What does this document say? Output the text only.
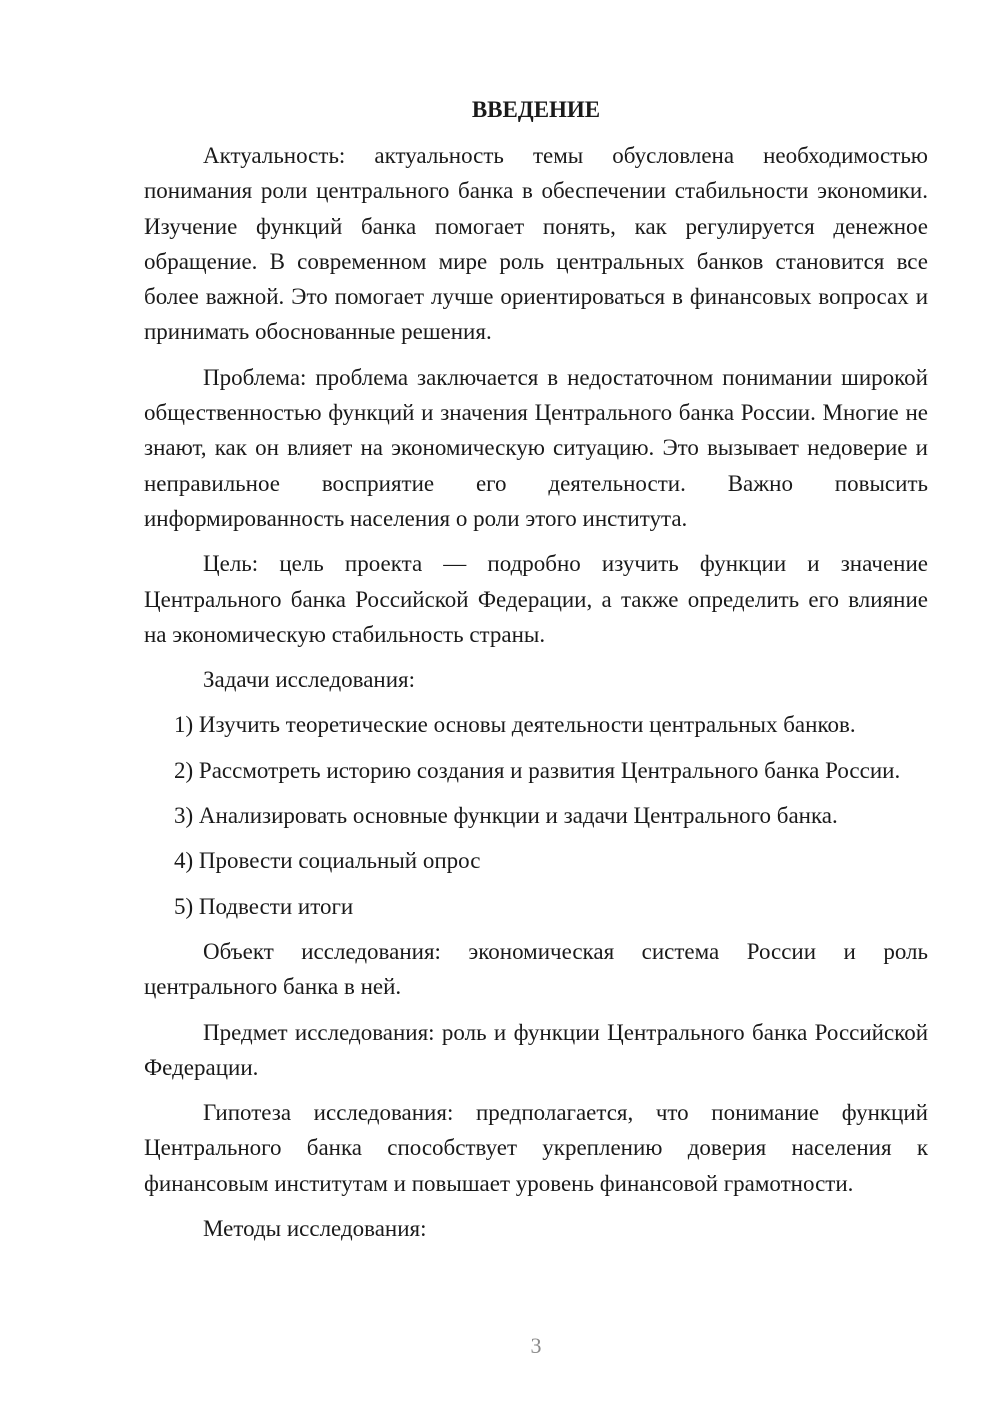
ВВЕДЕНИЕ

Актуальность: актуальность темы обусловлена необходимостью понимания роли центрального банка в обеспечении стабильности экономики. Изучение функций банка помогает понять, как регулируется денежное обращение. В современном мире роль центральных банков становится все более важной. Это помогает лучше ориентироваться в финансовых вопросах и принимать обоснованные решения.

Проблема: проблема заключается в недостаточном понимании широкой общественностью функций и значения Центрального банка России. Многие не знают, как он влияет на экономическую ситуацию. Это вызывает недоверие и неправильное восприятие его деятельности. Важно повысить информированность населения о роли этого института.

Цель: цель проекта — подробно изучить функции и значение Центрального банка Российской Федерации, а также определить его влияние на экономическую стабильность страны.

Задачи исследования:

1) Изучить теоретические основы деятельности центральных банков.

2) Рассмотреть историю создания и развития Центрального банка России.

3) Анализировать основные функции и задачи Центрального банка.

4) Провести социальный опрос

5) Подвести итоги

Объект исследования: экономическая система России и роль центрального банка в ней.

Предмет исследования: роль и функции Центрального банка Российской Федерации.

Гипотеза исследования: предполагается, что понимание функций Центрального банка способствует укреплению доверия населения к финансовым институтам и повышает уровень финансовой грамотности.

Методы исследования:

3
